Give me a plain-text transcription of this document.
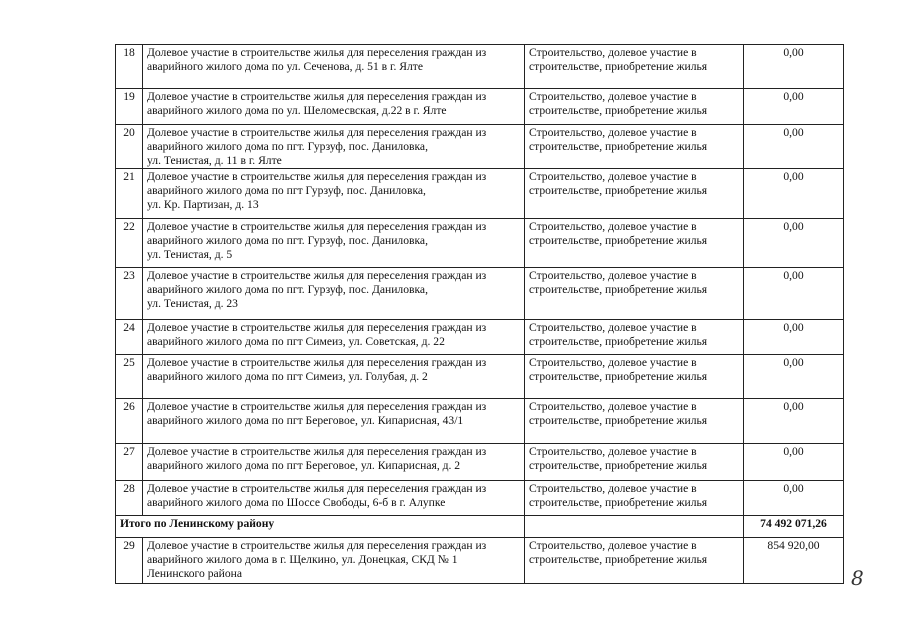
18	Долевое участие в строительстве жилья для переселения граждан из
аварийного жилого дома по ул. Сеченова, д. 51 в г. Ялте	Строительство, долевое участие в
строительстве, приобретение жилья	0,00
19	Долевое участие в строительстве жилья для переселения граждан из
аварийного жилого дома по ул. Шеломесвская, д.22 в г. Ялте	Строительство, долевое участие в
строительстве, приобретение жилья	0,00
20	Долевое участие в строительстве жилья для переселения граждан из
аварийного жилого дома по пгт. Гурзуф, пос. Даниловка,
ул. Тенистая, д. 11 в г. Ялте	Строительство, долевое участие в
строительстве, приобретение жилья	0,00
21	Долевое участие в строительстве жилья для переселения граждан из
аварийного жилого дома по пгт Гурзуф, пос. Даниловка,
ул. Кр. Партизан, д. 13	Строительство, долевое участие в
строительстве, приобретение жилья	0,00
22	Долевое участие в строительстве жилья для переселения граждан из
аварийного жилого дома по пгт. Гурзуф, пос. Даниловка,
ул. Тенистая, д. 5	Строительство, долевое участие в
строительстве, приобретение жилья	0,00
23	Долевое участие в строительстве жилья для переселения граждан из
аварийного жилого дома по пгт. Гурзуф, пос. Даниловка,
ул. Тенистая, д. 23	Строительство, долевое участие в
строительстве, приобретение жилья	0,00
24	Долевое участие в строительстве жилья для переселения граждан из
аварийного жилого дома по пгт Симеиз, ул. Советская, д. 22	Строительство, долевое участие в
строительстве, приобретение жилья	0,00
25	Долевое участие в строительстве жилья для переселения граждан из
аварийного жилого дома по пгт Симеиз, ул. Голубая, д. 2	Строительство, долевое участие в
строительстве, приобретение жилья	0,00
26	Долевое участие в строительстве жилья для переселения граждан из
аварийного жилого дома по пгт Береговое, ул. Кипарисная, 43/1	Строительство, долевое участие в
строительстве, приобретение жилья	0,00
27	Долевое участие в строительстве жилья для переселения граждан из
аварийного жилого дома по пгт Береговое, ул. Кипарисная, д. 2	Строительство, долевое участие в
строительстве, приобретение жилья	0,00
28	Долевое участие в строительстве жилья для переселения граждан из
аварийного жилого дома по Шоссе Свободы, 6-б в г. Алупке	Строительство, долевое участие в
строительстве, приобретение жилья	0,00
Итого по Ленинскому району			74 492 071,26
29	Долевое участие в строительстве жилья для переселения граждан из
аварийного жилого дома в г. Щелкино, ул. Донецкая, СКД № 1
Ленинского района	Строительство, долевое участие в
строительстве, приобретение жилья	854 920,00
8
